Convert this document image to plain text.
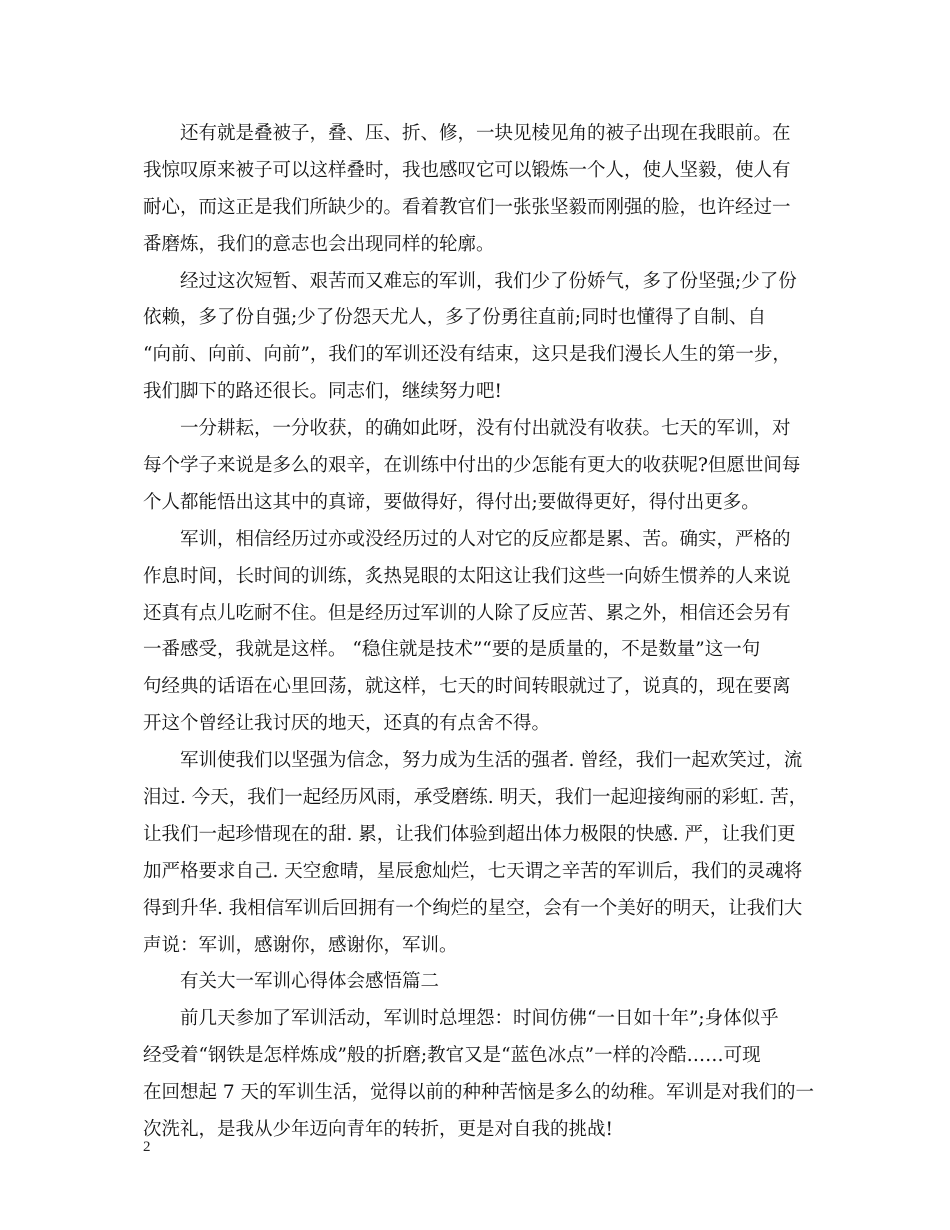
还有就是叠被子，叠、压、折、修，一块见棱见角的被子出现在我眼前。在
我惊叹原来被子可以这样叠时，我也感叹它可以锻炼一个人，使人坚毅，使人有
耐心，而这正是我们所缺少的。看着教官们一张张坚毅而刚强的脸，也许经过一
番磨炼，我们的意志也会出现同样的轮廓。
经过这次短暂、艰苦而又难忘的军训，我们少了份娇气，多了份坚强;少了份
依赖，多了份自强;少了份怨天尤人，多了份勇往直前;同时也懂得了自制、自
“向前、向前、向前”，我们的军训还没有结束，这只是我们漫长人生的第一步，
我们脚下的路还很长。同志们，继续努力吧!
一分耕耘，一分收获，的确如此呀，没有付出就没有收获。七天的军训，对
每个学子来说是多么的艰辛，在训练中付出的少怎能有更大的收获呢?但愿世间每
个人都能悟出这其中的真谛，要做得好，得付出;要做得更好，得付出更多。
军训，相信经历过亦或没经历过的人对它的反应都是累、苦。确实，严格的
作息时间，长时间的训练，炙热晃眼的太阳这让我们这些一向娇生惯养的人来说
还真有点儿吃耐不住。但是经历过军训的人除了反应苦、累之外，相信还会另有
一番感受，我就是这样。 “稳住就是技术”“要的是质量的，不是数量”这一句
句经典的话语在心里回荡，就这样，七天的时间转眼就过了，说真的，现在要离
开这个曾经让我讨厌的地天，还真的有点舍不得。
军训使我们以坚强为信念，努力成为生活的强者. 曾经，我们一起欢笑过，流
泪过. 今天，我们一起经历风雨，承受磨练. 明天，我们一起迎接绚丽的彩虹. 苦，
让我们一起珍惜现在的甜. 累，让我们体验到超出体力极限的快感. 严，让我们更
加严格要求自己. 天空愈晴，星辰愈灿烂，七天谓之辛苦的军训后，我们的灵魂将
得到升华. 我相信军训后回拥有一个绚烂的星空，会有一个美好的明天，让我们大
声说：军训，感谢你，感谢你，军训。
有关大一军训心得体会感悟篇二
前几天参加了军训活动，军训时总埋怨：时间仿佛“一日如十年”;身体似乎
经受着“钢铁是怎样炼成”般的折磨;教官又是“蓝色冰点”一样的冷酷……可现
在回想起 7 天的军训生活，觉得以前的种种苦恼是多么的幼稚。军训是对我们的一
次洗礼，是我从少年迈向青年的转折，更是对自我的挑战!
2
